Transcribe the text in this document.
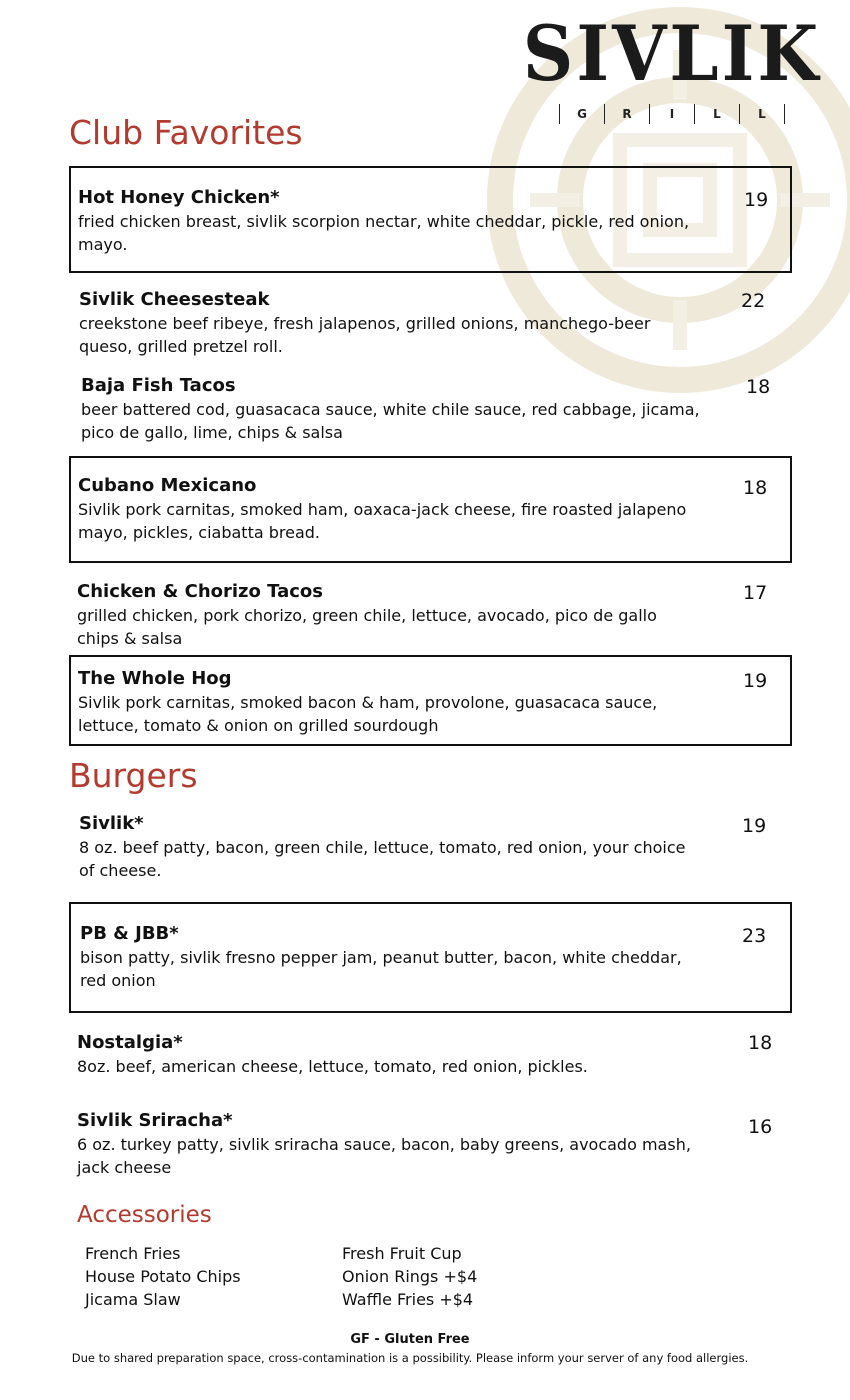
SIVLIK
G	R	I	L	L
Club Favorites
Hot Honey Chicken*
fried chicken breast, sivlik scorpion nectar, white cheddar, pickle, red onion, mayo.
19
Sivlik Cheesesteak
creekstone beef ribeye, fresh jalapenos, grilled onions, manchego-beer queso, grilled pretzel roll.
22
Baja Fish Tacos
beer battered cod, guasacaca sauce, white chile sauce, red cabbage, jicama, pico de gallo, lime, chips & salsa
18
Cubano Mexicano
Sivlik pork carnitas, smoked ham, oaxaca-jack cheese, fire roasted jalapeno mayo, pickles, ciabatta bread.
18
Chicken & Chorizo Tacos
grilled chicken, pork chorizo, green chile, lettuce, avocado, pico de gallo chips & salsa
17
The Whole Hog
Sivlik pork carnitas, smoked bacon & ham, provolone, guasacaca sauce, lettuce, tomato & onion on grilled sourdough
19
Burgers
Sivlik*
8 oz. beef patty, bacon, green chile, lettuce, tomato, red onion, your choice of cheese.
19
PB & JBB*
bison patty, sivlik fresno pepper jam, peanut butter, bacon, white cheddar, red onion
23
Nostalgia*
8oz. beef, american cheese, lettuce, tomato, red onion, pickles.
18
Sivlik Sriracha*
6 oz. turkey patty, sivlik sriracha sauce, bacon, baby greens, avocado mash, jack cheese
16
Accessories
French Fries
House Potato Chips
Jicama Slaw
Fresh Fruit Cup
Onion Rings +$4
Waffle Fries +$4
GF - Gluten Free
Due to shared preparation space, cross-contamination is a possibility. Please inform your server of any food allergies.
